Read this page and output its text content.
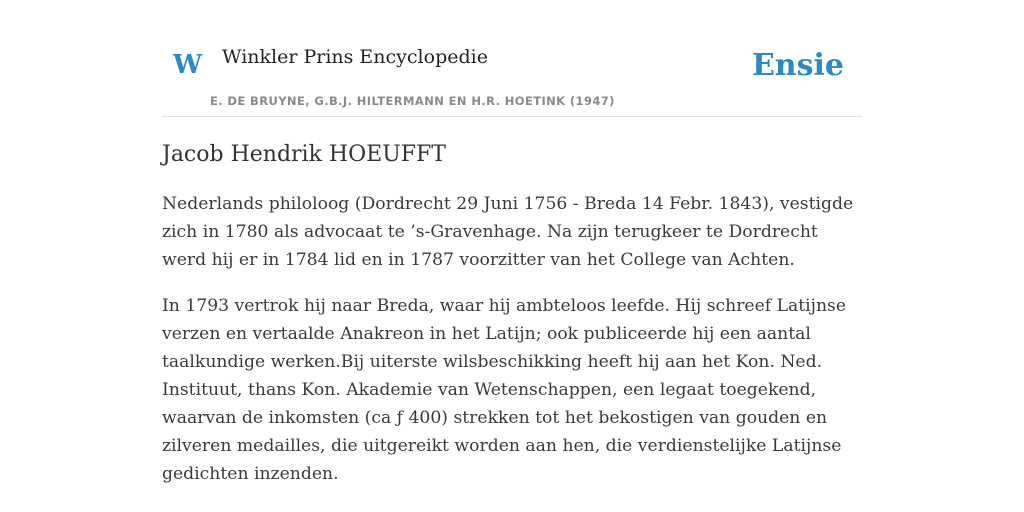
W Winkler Prins Encyclopedie
E. DE BRUYNE, G.B.J. HILTERMANN EN H.R. HOETINK (1947)
Ensie
Jacob Hendrik HOEUFFT

Nederlands philoloog (Dordrecht 29 Juni 1756 - Breda 14 Febr. 1843), vestigde zich in 1780 als advocaat te ’s-Gravenhage. Na zijn terugkeer te Dordrecht werd hij er in 1784 lid en in 1787 voorzitter van het College van Achten.

In 1793 vertrok hij naar Breda, waar hij ambteloos leefde. Hij schreef Latijnse verzen en vertaalde Anakreon in het Latijn; ook publiceerde hij een aantal taalkundige werken.Bij uiterste wilsbeschikking heeft hij aan het Kon. Ned. Instituut, thans Kon. Akademie van Wetenschappen, een legaat toegekend, waarvan de inkomsten (ca ƒ 400) strekken tot het bekostigen van gouden en zilveren medailles, die uitgereikt worden aan hen, die verdienstelijke Latijnse gedichten inzenden.
